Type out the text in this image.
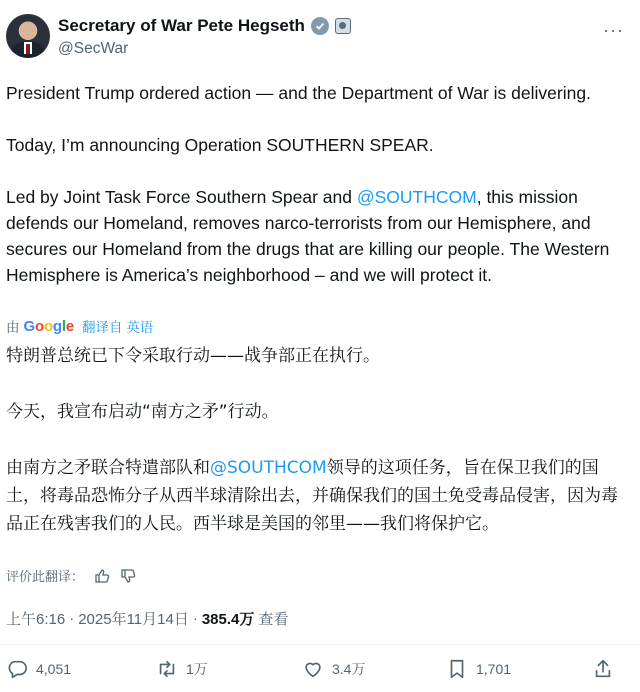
Secretary of War Pete Hegseth
@SecWar
···

President Trump ordered action — and the Department of War is delivering.

Today, I’m announcing Operation SOUTHERN SPEAR.

Led by Joint Task Force Southern Spear and @SOUTHCOM, this mission defends our Homeland, removes narco-terrorists from our Hemisphere, and secures our Homeland from the drugs that are killing our people. The Western Hemisphere is America’s neighborhood – and we will protect it.

由 Google 翻译自 英语

特朗普总统已下令采取行动——战争部正在执行。

今天，我宣布启动“南方之矛”行动。

由南方之矛联合特遣部队和@SOUTHCOM领导的这项任务，旨在保卫我们的国土，将毒品恐怖分子从西半球清除出去，并确保我们的国土免受毒品侵害，因为毒品正在残害我们的人民。西半球是美国的邻里——我们将保护它。

评价此翻译：
上午6:16 · 2025年11月14日 · 385.4万 查看
4,051	1万	3.4万	1,701
